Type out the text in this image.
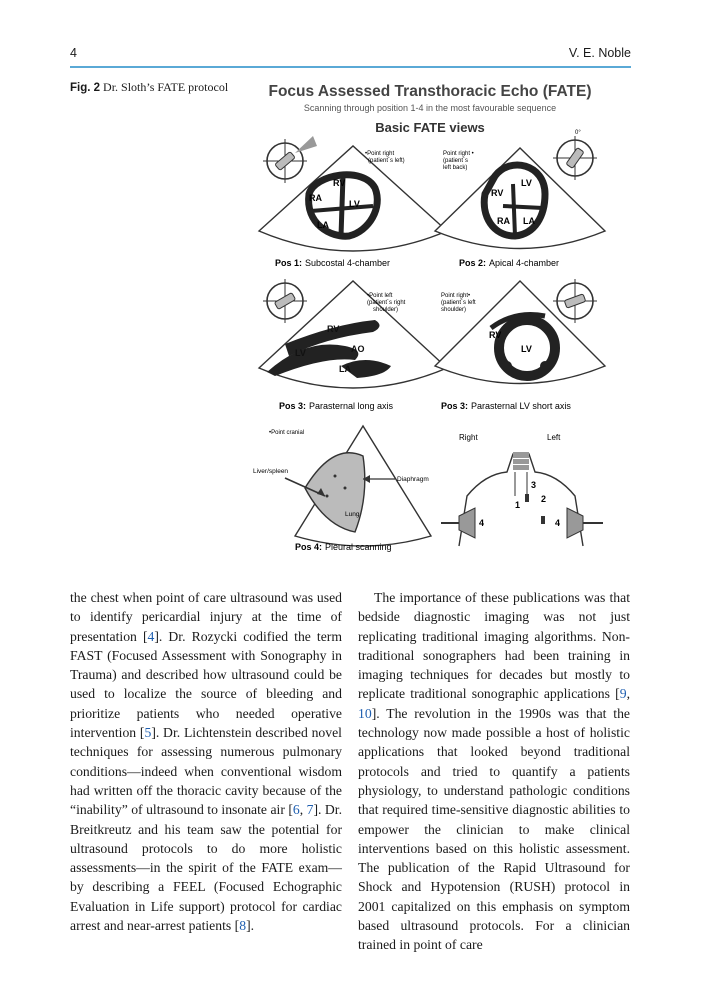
4	V. E. Noble
Fig. 2 Dr. Sloth’s FATE protocol	Focus Assessed Transthoracic Echo (FATE)
Scanning through position 1-4 in the most favourable sequence
Basic FATE views
RV
RA
LV
LA
•Point right
(patient´s left)
Pos 1: Subcostal 4-chamber
LV
RV
RA LA
Point right •
(patient´s
left back)
0°
Pos 2: Apical 4-chamber
RV
LV	AO
LA
•Point left
(patient´s right
shoulder)
Pos 3: Parasternal long axis
RV
LV
Point right•
(patient´s left
shoulder)
Pos 3: Parasternal LV short axis
•Point cranial
Liver/spleen
Diaphragm
Lung
Pos 4: Pleural scanning
Right	Left
3
1
2
4	4

the chest when point of care ultrasound was used to identify pericardial injury at the time of presentation [4]. Dr. Rozycki codified the term FAST (Focused Assessment with Sonography in Trauma) and described how ultrasound could be used to localize the source of bleeding and prioritize patients who needed operative intervention [5]. Dr. Lichtenstein described novel techniques for assessing numerous pulmonary conditions—indeed when conventional wisdom had written off the thoracic cavity because of the “inability” of ultrasound to insonate air [6, 7]. Dr. Breitkreutz and his team saw the potential for ultrasound protocols to do more holistic assessments—in the spirit of the FATE exam—by describing a FEEL (Focused Echographic Evaluation in Life support) protocol for cardiac arrest and near-arrest patients [8].

The importance of these publications was that bedside diagnostic imaging was not just replicating traditional imaging algorithms. Non-traditional sonographers had been training in imaging techniques for decades but mostly to replicate traditional sonographic applications [9, 10]. The revolution in the 1990s was that the technology now made possible a host of holistic applications that looked beyond traditional protocols and tried to quantify a patients physiology, to understand pathologic conditions that required time-sensitive diagnostic abilities to empower the clinician to make clinical interventions based on this holistic assessment. The publication of the Rapid Ultrasound for Shock and Hypotension (RUSH) protocol in 2001 capitalized on this emphasis on symptom based ultrasound protocols. For a clinician trained in point of care
